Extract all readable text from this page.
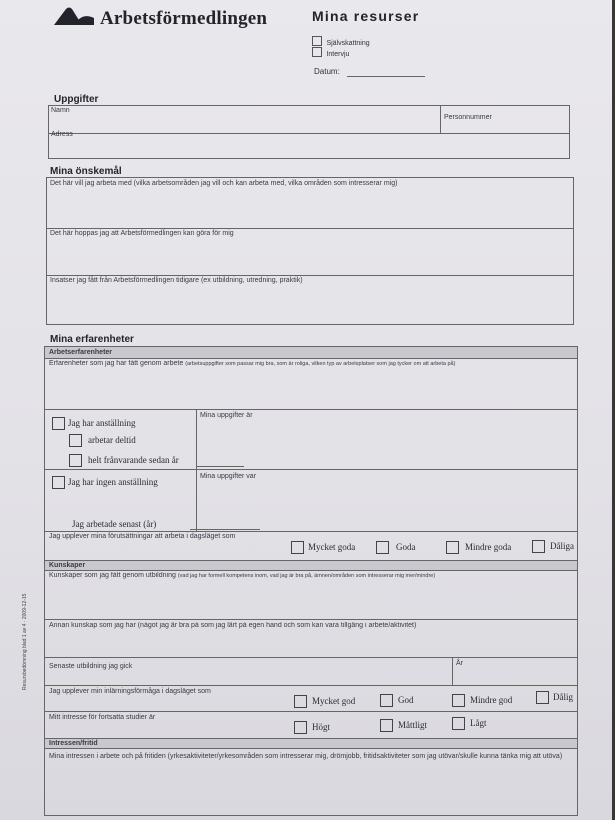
Arbetsförmedlingen	Mina resurser
Självskattning
Intervju
Datum:
Uppgifter
Namn
Personnummer
Adress
Mina önskemål
Det här vill jag arbeta med (vilka arbetsområden jag vill och kan arbeta med, vilka områden som intresserar mig)
Det här hoppas jag att Arbetsförmedlingen kan göra för mig
Insatser jag fått från Arbetsförmedlingen tidigare (ex utbildning, utredning, praktik)
Mina erfarenheter
Arbetserfarenheter
Erfarenheter som jag har fått genom arbete (arbetsuppgifter som passar mig bra, som är roliga, vilken typ av arbetsplatser som jag tycker om att arbeta på)
Jag har anställning
Mina uppgifter är
arbetar deltid
helt frånvarande sedan år
Jag har ingen anställning
Mina uppgifter var
Jag arbetade senast (år)
Jag upplever mina förutsättningar att arbeta i dagsläget som
Mycket goda	Goda	Mindre goda	Dåliga
Kunskaper
Kunskaper som jag fått genom utbildning (vad jag har formell kompetens inom, vad jag är bra på, ämnen/områden som intresserar mig mer/mindre)
Annan kunskap som jag har (något jag är bra på som jag lärt på egen hand och som kan vara tillgäng i arbete/aktivitet)
Senaste utbildning jag gick	År
Jag upplever min inlärningsförmåga i dagsläget som
Mycket god	God	Mindre god	Dålig
Mitt intresse för fortsatta studier är
Högt	Måttligt	Lågt
Intressen/fritid
Mina intressen i arbete och på fritiden (yrkesaktiviteter/yrkesområden som intresserar mig, drömjobb, fritidsaktiviteter som jag utövar/skulle kunna tänka mig att utöva)
Resursbedömning blad 1 av 4 · 2009-12-15
